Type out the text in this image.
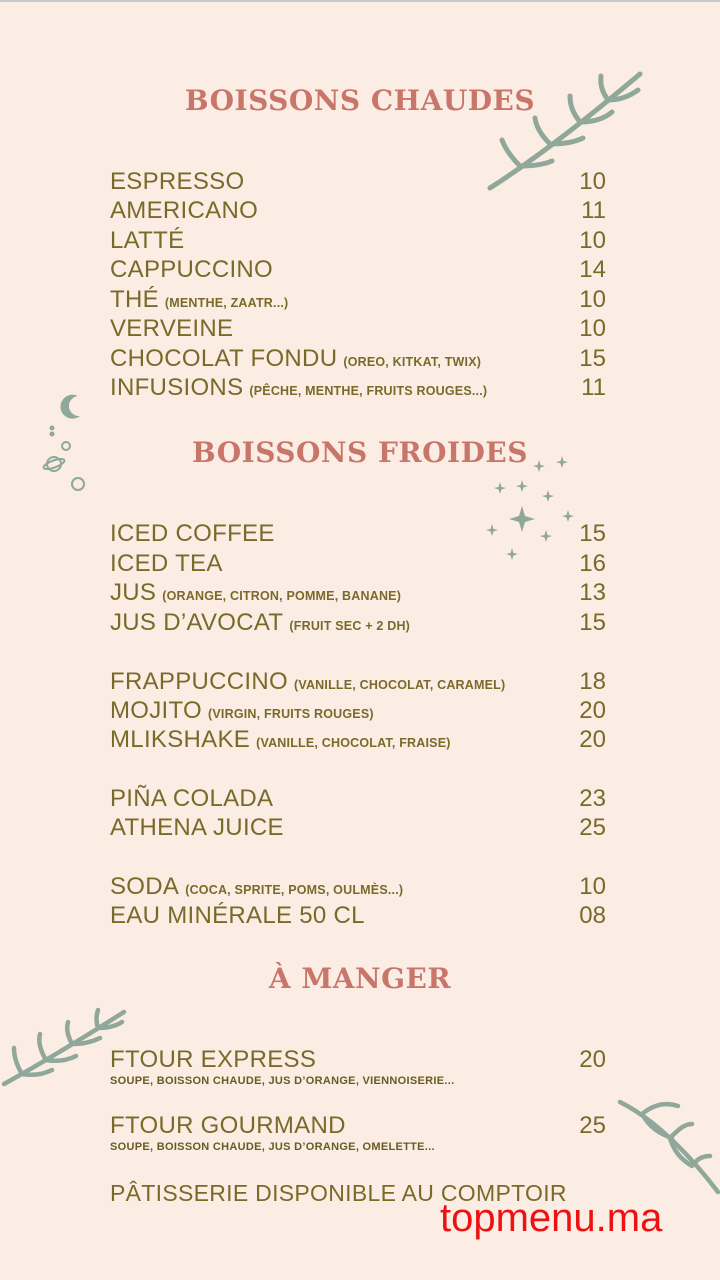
BOISSONS CHAUDES
ESPRESSO	10
AMERICANO	11
LATTÉ	10
CAPPUCCINO	14
THÉ (MENTHE, ZAATR...)	10
VERVEINE	10
CHOCOLAT FONDU (OREO, KITKAT, TWIX)	15
INFUSIONS (PÊCHE, MENTHE, FRUITS ROUGES...)	11
BOISSONS FROIDES
ICED COFFEE	15
ICED TEA	16
JUS (ORANGE, CITRON, POMME, BANANE)	13
JUS D’AVOCAT (FRUIT SEC + 2 DH)	15
FRAPPUCCINO (VANILLE, CHOCOLAT, CARAMEL)	18
MOJITO (VIRGIN, FRUITS ROUGES)	20
MLIKSHAKE (VANILLE, CHOCOLAT, FRAISE)	20
PIÑA COLADA	23
ATHENA JUICE	25
SODA (COCA, SPRITE, POMS, OULMÈS...)	10
EAU MINÉRALE 50 CL	08
À MANGER
FTOUR EXPRESS	20
SOUPE, BOISSON CHAUDE, JUS D’ORANGE, VIENNOISERIE...
FTOUR GOURMAND	25
SOUPE, BOISSON CHAUDE, JUS D’ORANGE, OMELETTE...
PÂTISSERIE DISPONIBLE AU COMPTOIR
topmenu.ma
